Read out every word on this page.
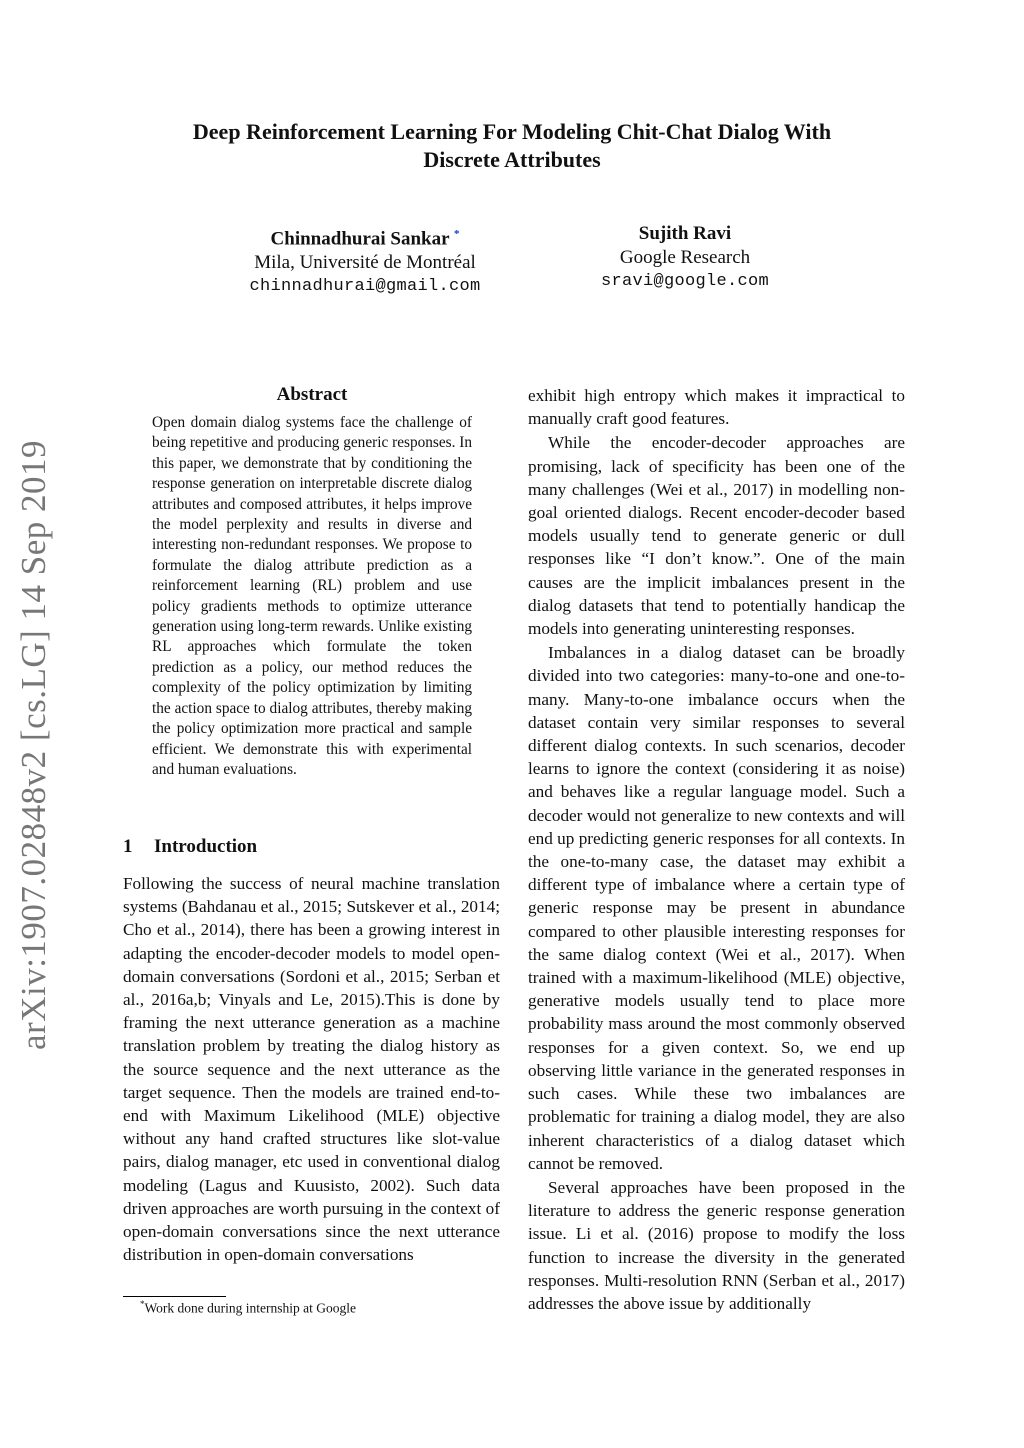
Deep Reinforcement Learning For Modeling Chit-Chat Dialog With
Discrete Attributes
Chinnadhurai Sankar *
Mila, Université de Montréal
chinnadhurai@gmail.com
Sujith Ravi
Google Research
sravi@google.com
arXiv:1907.02848v2 [cs.LG] 14 Sep 2019
Abstract
Open domain dialog systems face the challenge of being repetitive and producing generic responses. In this paper, we demonstrate that by conditioning the response generation on interpretable discrete dialog attributes and composed attributes, it helps improve the model perplexity and results in diverse and interesting non-redundant responses. We propose to formulate the dialog attribute prediction as a reinforcement learning (RL) problem and use policy gradients methods to optimize utterance generation using long-term rewards. Unlike existing RL approaches which formulate the token prediction as a policy, our method reduces the complexity of the policy optimization by limiting the action space to dialog attributes, thereby making the policy optimization more practical and sample efficient. We demonstrate this with experimental and human evaluations.
1 Introduction

Following the success of neural machine translation systems (Bahdanau et al., 2015; Sutskever et al., 2014; Cho et al., 2014), there has been a growing interest in adapting the encoder-decoder models to model open-domain conversations (Sordoni et al., 2015; Serban et al., 2016a,b; Vinyals and Le, 2015).This is done by framing the next utterance generation as a machine translation problem by treating the dialog history as the source sequence and the next utterance as the target sequence. Then the models are trained end-to-end with Maximum Likelihood (MLE) objective without any hand crafted structures like slot-value pairs, dialog manager, etc used in conventional dialog modeling (Lagus and Kuusisto, 2002). Such data driven approaches are worth pursuing in the context of open-domain conversations since the next utterance distribution in open-domain conversations

exhibit high entropy which makes it impractical to manually craft good features.

While the encoder-decoder approaches are promising, lack of specificity has been one of the many challenges (Wei et al., 2017) in modelling non-goal oriented dialogs. Recent encoder-decoder based models usually tend to generate generic or dull responses like “I don’t know.”. One of the main causes are the implicit imbalances present in the dialog datasets that tend to potentially handicap the models into generating uninteresting responses.

Imbalances in a dialog dataset can be broadly divided into two categories: many-to-one and one-to-many. Many-to-one imbalance occurs when the dataset contain very similar responses to several different dialog contexts. In such scenarios, decoder learns to ignore the context (considering it as noise) and behaves like a regular language model. Such a decoder would not generalize to new contexts and will end up predicting generic responses for all contexts. In the one-to-many case, the dataset may exhibit a different type of imbalance where a certain type of generic response may be present in abundance compared to other plausible interesting responses for the same dialog context (Wei et al., 2017). When trained with a maximum-likelihood (MLE) objective, generative models usually tend to place more probability mass around the most commonly observed responses for a given context. So, we end up observing little variance in the generated responses in such cases. While these two imbalances are problematic for training a dialog model, they are also inherent characteristics of a dialog dataset which cannot be removed.

Several approaches have been proposed in the literature to address the generic response generation issue. Li et al. (2016) propose to modify the loss function to increase the diversity in the generated responses. Multi-resolution RNN (Serban et al., 2017) addresses the above issue by additionally

*Work done during internship at Google
